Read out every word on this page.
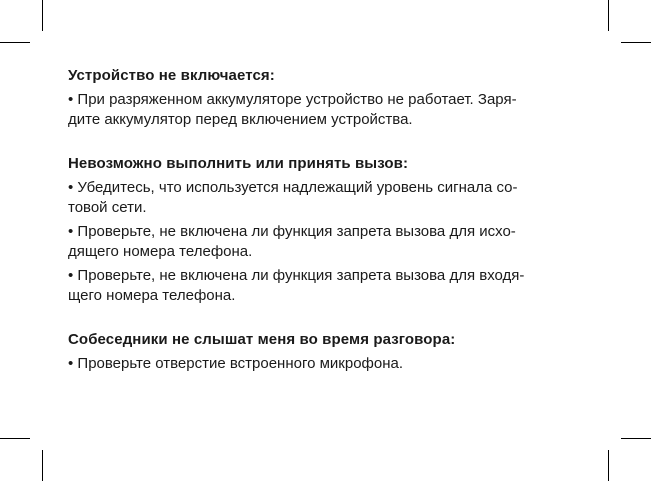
Устройство не включается:
• При разряженном аккумуляторе устройство не работает. Заря-
дите аккумулятор перед включением устройства.
Невозможно выполнить или принять вызов:
• Убедитесь, что используется надлежащий уровень сигнала со-
товой сети.
• Проверьте, не включена ли функция запрета вызова для исхо-
дящего номера телефона.
• Проверьте, не включена ли функция запрета вызова для входя-
щего номера телефона.
Собеседники не слышат меня во время разговора:
• Проверьте отверстие встроенного микрофона.
